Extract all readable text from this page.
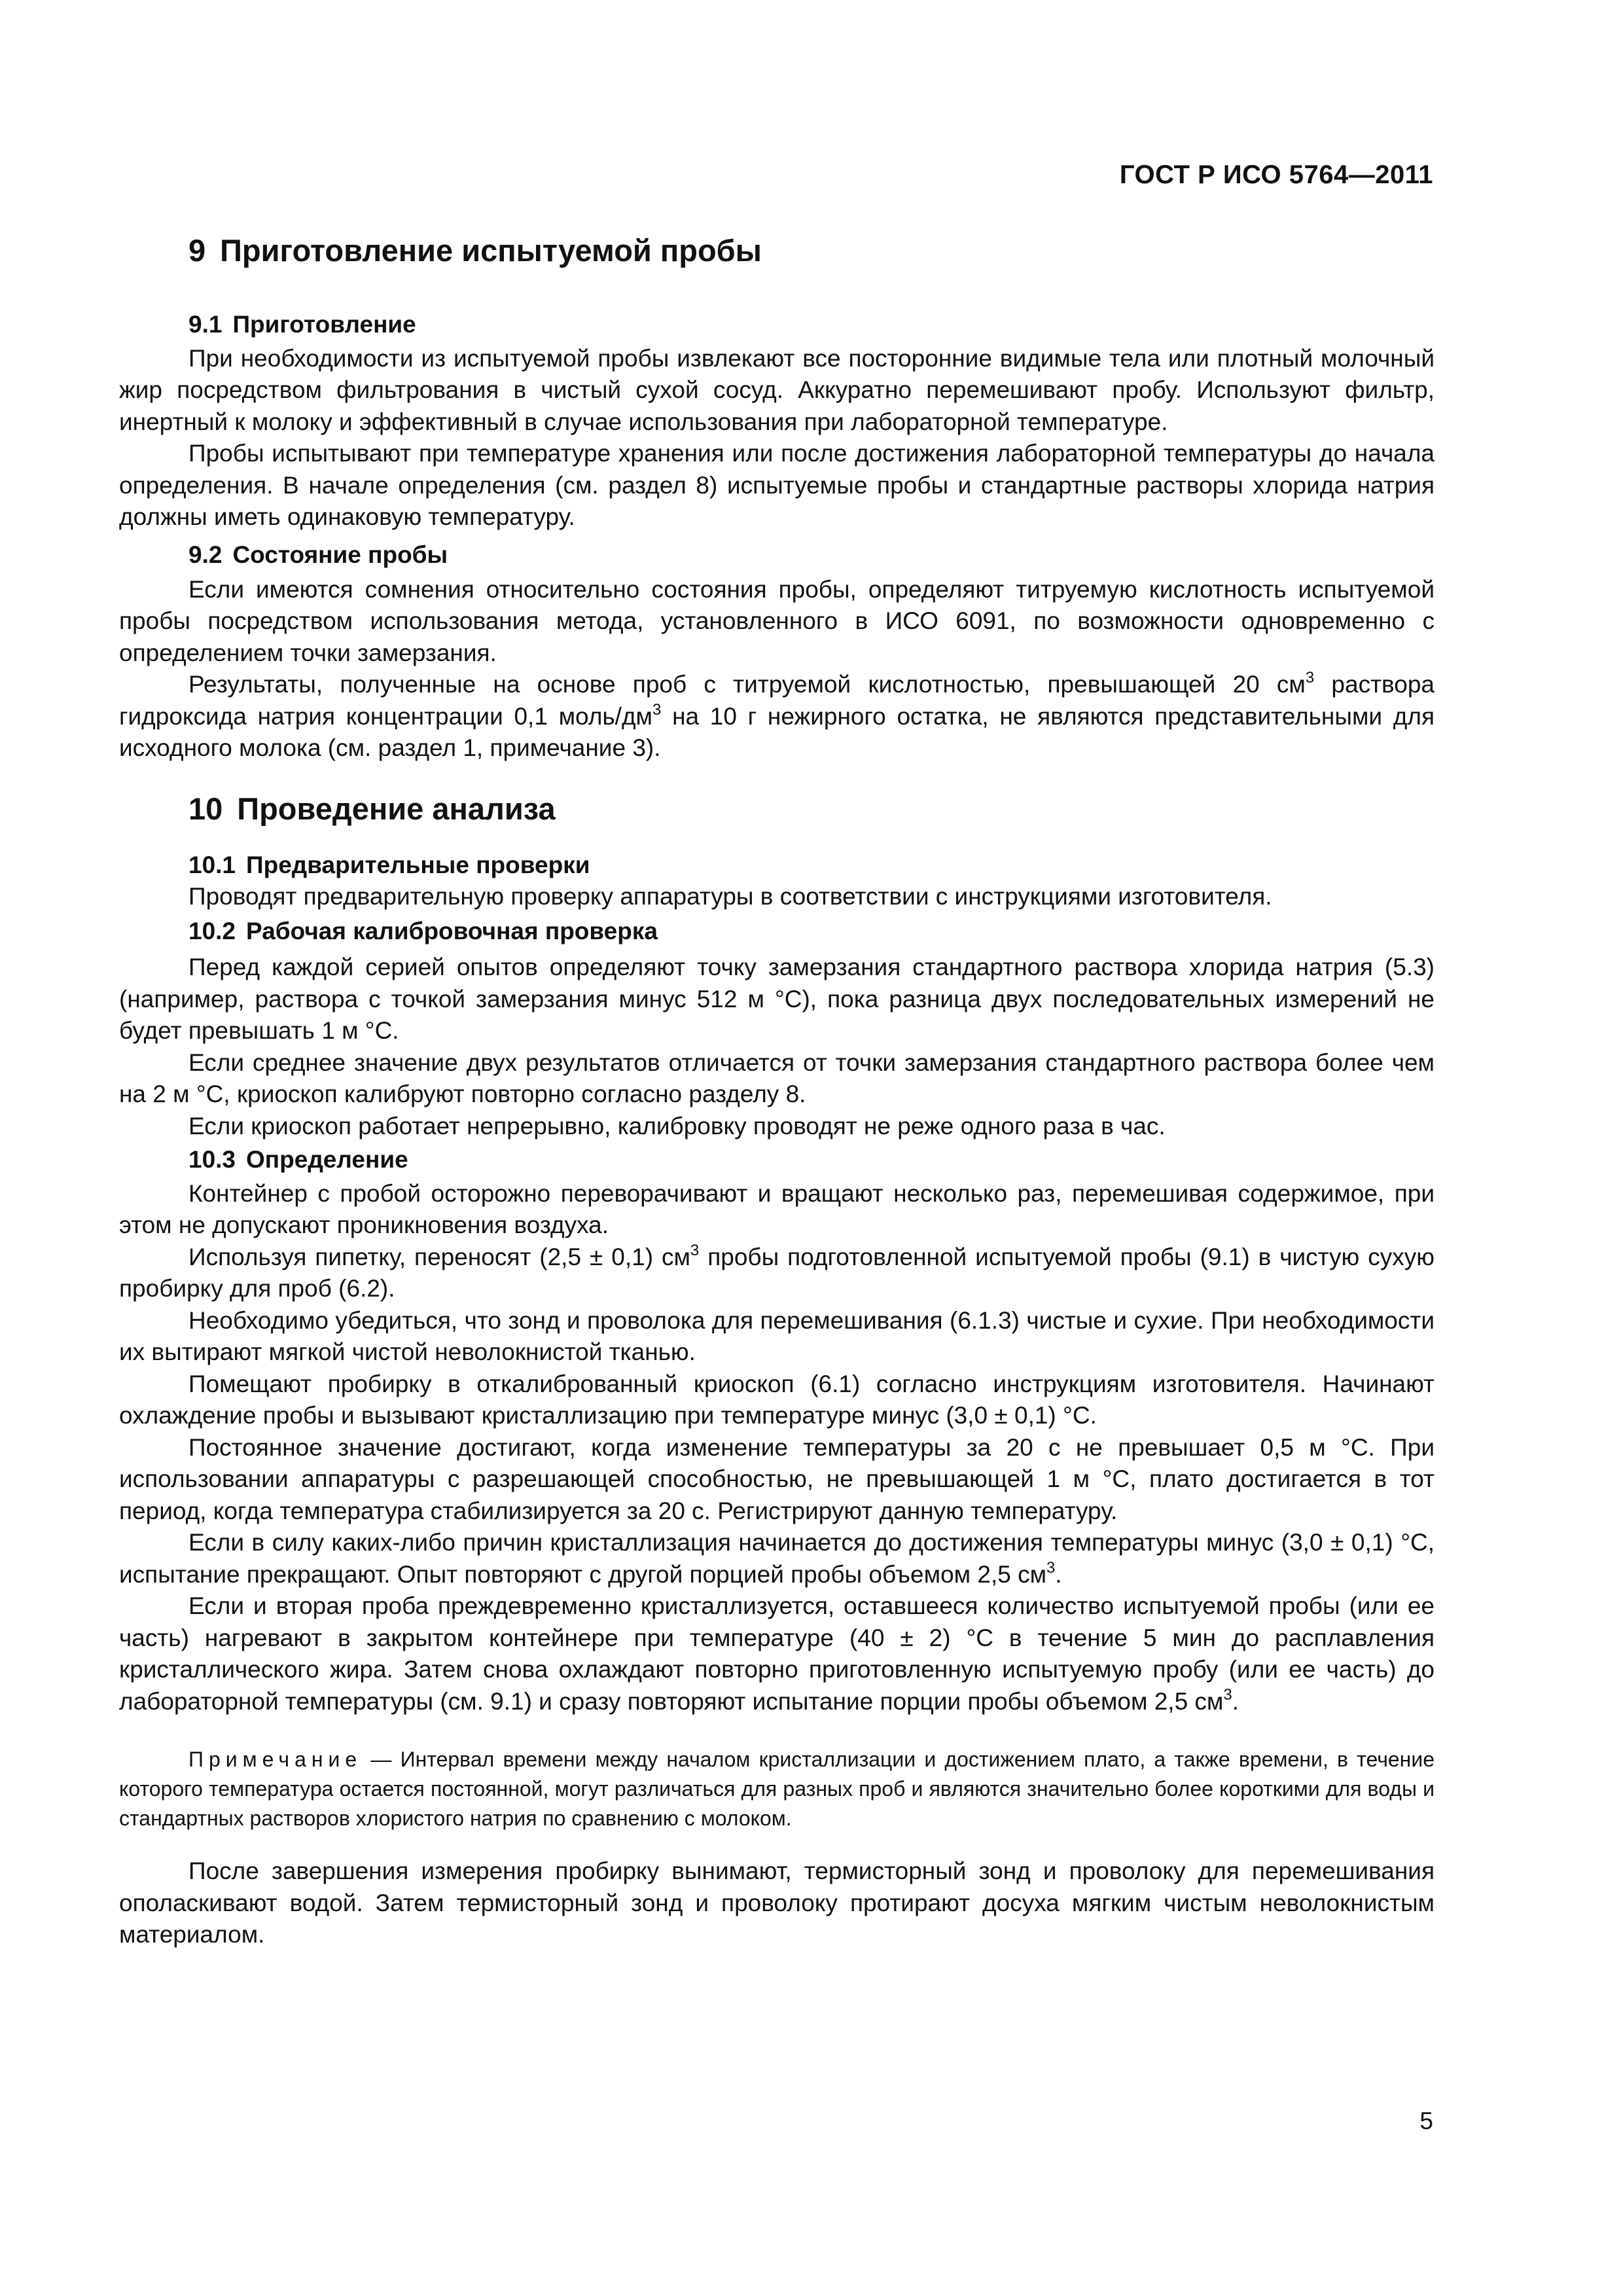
ГОСТ Р ИСО 5764—2011
9 Приготовление испытуемой пробы
9.1 Приготовление

При необходимости из испытуемой пробы извлекают все посторонние видимые тела или плотный молочный жир посредством фильтрования в чистый сухой сосуд. Аккуратно перемешивают пробу. Используют фильтр, инертный к молоку и эффективный в случае использования при лабораторной температуре.

Пробы испытывают при температуре хранения или после достижения лабораторной температуры до начала определения. В начале определения (см. раздел 8) испытуемые пробы и стандартные растворы хлорида натрия должны иметь одинаковую температуру.

9.2 Состояние пробы

Если имеются сомнения относительно состояния пробы, определяют титруемую кислотность испытуемой пробы посредством использования метода, установленного в ИСО 6091, по возможности одновременно с определением точки замерзания.

Результаты, полученные на основе проб с титруемой кислотностью, превышающей 20 $см^3$ раствора гидроксида натрия концентрации 0,1 моль/$дм^3$ на 10 г нежирного остатка, не являются представительными для исходного молока (см. раздел 1, примечание 3).

10 Проведение анализа
10.1 Предварительные проверки

Проводят предварительную проверку аппаратуры в соответствии с инструкциями изготовителя.

10.2 Рабочая калибровочная проверка

Перед каждой серией опытов определяют точку замерзания стандартного раствора хлорида натрия (5.3) (например, раствора с точкой замерзания минус 512 м °С), пока разница двух последовательных измерений не будет превышать 1 м °С.

Если среднее значение двух результатов отличается от точки замерзания стандартного раствора более чем на 2 м °С, криоскоп калибруют повторно согласно разделу 8.

Если криоскоп работает непрерывно, калибровку проводят не реже одного раза в час.

10.3 Определение

Контейнер с пробой осторожно переворачивают и вращают несколько раз, перемешивая содержимое, при этом не допускают проникновения воздуха.

Используя пипетку, переносят (2,5 ± 0,1) $см^3$ пробы подготовленной испытуемой пробы (9.1) в чистую сухую пробирку для проб (6.2).

Необходимо убедиться, что зонд и проволока для перемешивания (6.1.3) чистые и сухие. При необходимости их вытирают мягкой чистой неволокнистой тканью.

Помещают пробирку в откалиброванный криоскоп (6.1) согласно инструкциям изготовителя. Начинают охлаждение пробы и вызывают кристаллизацию при температуре минус (3,0 ± 0,1) °С.

Постоянное значение достигают, когда изменение температуры за 20 с не превышает 0,5 м °С. При использовании аппаратуры с разрешающей способностью, не превышающей 1 м °С, плато достигается в тот период, когда температура стабилизируется за 20 с. Регистрируют данную температуру.

Если в силу каких-либо причин кристаллизация начинается до достижения температуры минус (3,0 ± 0,1) °С, испытание прекращают. Опыт повторяют с другой порцией пробы объемом 2,5 $см^3$.

Если и вторая проба преждевременно кристаллизуется, оставшееся количество испытуемой пробы (или ее часть) нагревают в закрытом контейнере при температуре (40 ± 2) °С в течение 5 мин до расплавления кристаллического жира. Затем снова охлаждают повторно приготовленную испытуемую пробу (или ее часть) до лабораторной температуры (см. 9.1) и сразу повторяют испытание порции пробы объемом 2,5 $см^3$.

Примечание — Интервал времени между началом кристаллизации и достижением плато, а также времени, в течение которого температура остается постоянной, могут различаться для разных проб и являются значительно более короткими для воды и стандартных растворов хлористого натрия по сравнению с молоком.

После завершения измерения пробирку вынимают, термисторный зонд и проволоку для перемешивания ополаскивают водой. Затем термисторный зонд и проволоку протирают досуха мягким чистым неволокнистым материалом.

5
